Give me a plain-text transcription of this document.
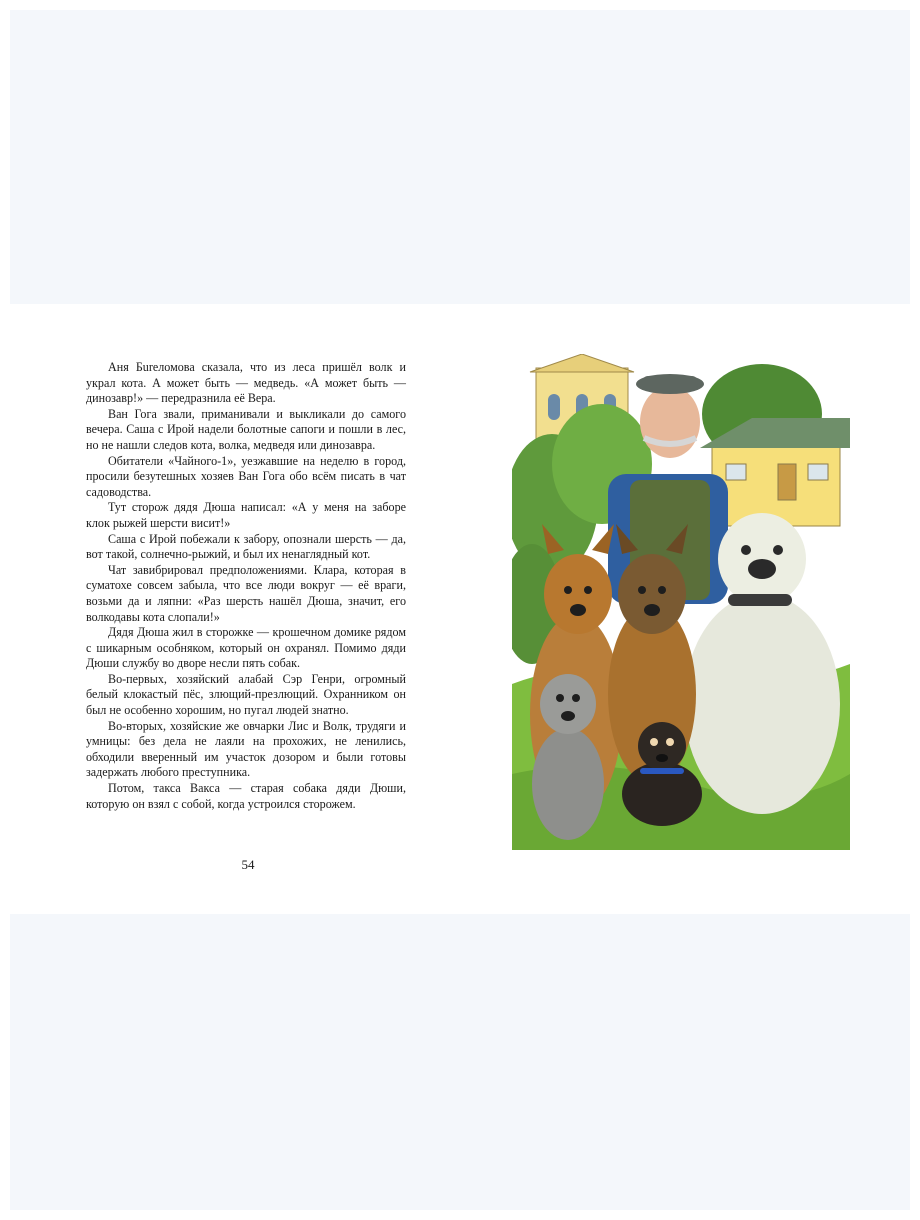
Аня Бureломова сказала, что из леса пришёл волк и украл кота. А может быть — медведь. «А может быть — динозавр!» — передразнила её Вера.

Ван Гога звали, приманивали и выкликали до самого вечера. Саша с Ирой надели болотные сапоги и пошли в лес, но не нашли следов кота, волка, медведя или динозавра.

Обитатели «Чайного-1», уезжавшие на неделю в город, просили безутешных хозяев Ван Гога обо всём писать в чат садоводства.

Тут сторож дядя Дюша написал: «А у меня на заборе клок рыжей шерсти висит!»

Саша с Ирой побежали к забору, опознали шерсть — да, вот такой, солнечно-рыжий, и был их ненаглядный кот.

Чат завибрировал предположениями. Клара, которая в суматохе совсем забыла, что все люди вокруг — её враги, возьми да и ляпни: «Раз шерсть нашёл Дюша, значит, его волкодавы кота слопали!»

Дядя Дюша жил в сторожке — крошечном домике рядом с шикарным особняком, который он охранял. Помимо дяди Дюши службу во дворе несли пять собак.

Во-первых, хозяйский алабай Сэр Генри, огромный белый клокастый пёс, злющий-презлющий. Охранником он был не особенно хорошим, но пугал людей знатно.

Во-вторых, хозяйские же овчарки Лис и Волк, трудяги и умницы: без дела не лаяли на прохожих, не ленились, обходили вверенный им участок дозором и были готовы задержать любого преступника.

Потом, такса Вакса — старая собака дяди Дюши, которую он взял с собой, когда устроился сторожем.

54
